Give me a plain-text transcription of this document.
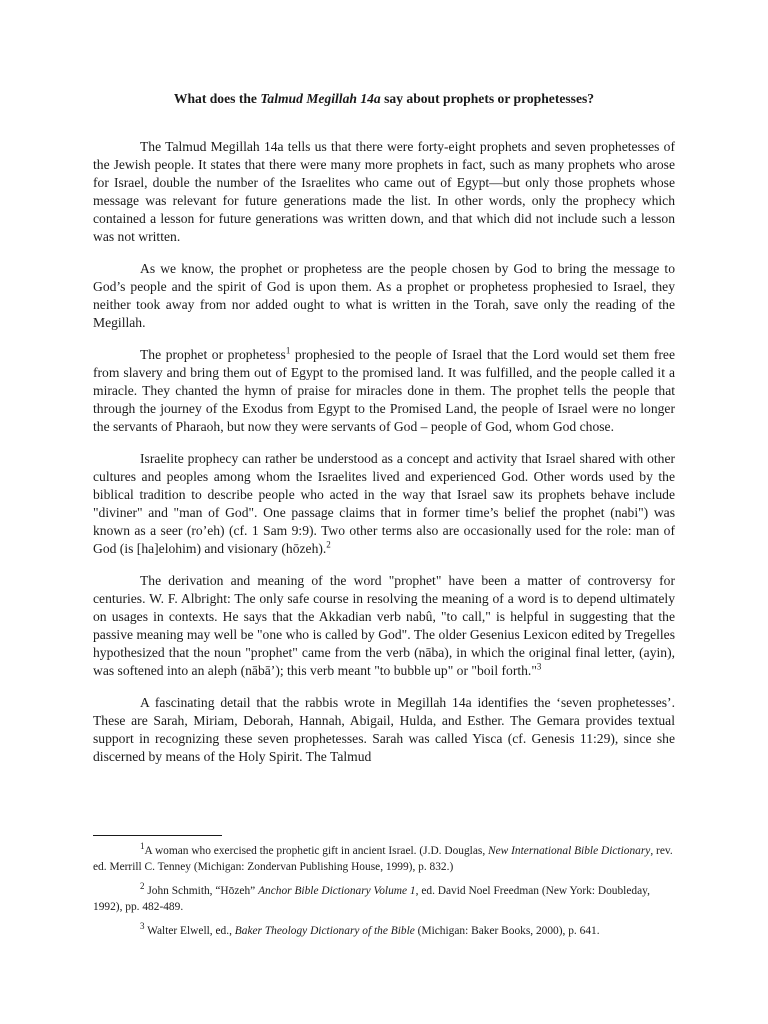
What does the Talmud Megillah 14a say about prophets or prophetesses?

The Talmud Megillah 14a tells us that there were forty-eight prophets and seven prophetesses of the Jewish people. It states that there were many more prophets in fact, such as many prophets who arose for Israel, double the number of the Israelites who came out of Egypt—but only those prophets whose message was relevant for future generations made the list. In other words, only the prophecy which contained a lesson for future generations was written down, and that which did not include such a lesson was not written.

As we know, the prophet or prophetess are the people chosen by God to bring the message to God’s people and the spirit of God is upon them. As a prophet or prophetess prophesied to Israel, they neither took away from nor added ought to what is written in the Torah, save only the reading of the Megillah.

The prophet or prophetess$^1$ prophesied to the people of Israel that the Lord would set them free from slavery and bring them out of Egypt to the promised land. It was fulfilled, and the people called it a miracle. They chanted the hymn of praise for miracles done in them. The prophet tells the people that through the journey of the Exodus from Egypt to the Promised Land, the people of Israel were no longer the servants of Pharaoh, but now they were servants of God – people of God, whom God chose.

Israelite prophecy can rather be understood as a concept and activity that Israel shared with other cultures and peoples among whom the Israelites lived and experienced God. Other words used by the biblical tradition to describe people who acted in the way that Israel saw its prophets behave include "diviner" and "man of God". One passage claims that in former time’s belief the prophet (nabi") was known as a seer (ro’eh) (cf. 1 Sam 9:9). Two other terms also are occasionally used for the role: man of God (is [ha]elohim) and visionary (hōzeh).$^2$

The derivation and meaning of the word "prophet" have been a matter of controversy for centuries. W. F. Albright: The only safe course in resolving the meaning of a word is to depend ultimately on usages in contexts. He says that the Akkadian verb nabû, "to call," is helpful in suggesting that the passive meaning may well be "one who is called by God". The older Gesenius Lexicon edited by Tregelles hypothesized that the noun "prophet" came from the verb (nāba), in which the original final letter, (ayin), was softened into an aleph (nābā’); this verb meant "to bubble up" or "boil forth."$^3$

A fascinating detail that the rabbis wrote in Megillah 14a identifies the ‘seven prophetesses’. These are Sarah, Miriam, Deborah, Hannah, Abigail, Hulda, and Esther. The Gemara provides textual support in recognizing these seven prophetesses. Sarah was called Yisca (cf. Genesis 11:29), since she discerned by means of the Holy Spirit. The Talmud

$^1$A woman who exercised the prophetic gift in ancient Israel. (J.D. Douglas, New International Bible Dictionary, rev. ed. Merrill C. Tenney (Michigan: Zondervan Publishing House, 1999), p. 832.)
$^2$ John Schmith, “Hōzeh” Anchor Bible Dictionary Volume 1, ed. David Noel Freedman (New York: Doubleday, 1992), pp. 482-489.
$^3$ Walter Elwell, ed., Baker Theology Dictionary of the Bible (Michigan: Baker Books, 2000), p. 641.
